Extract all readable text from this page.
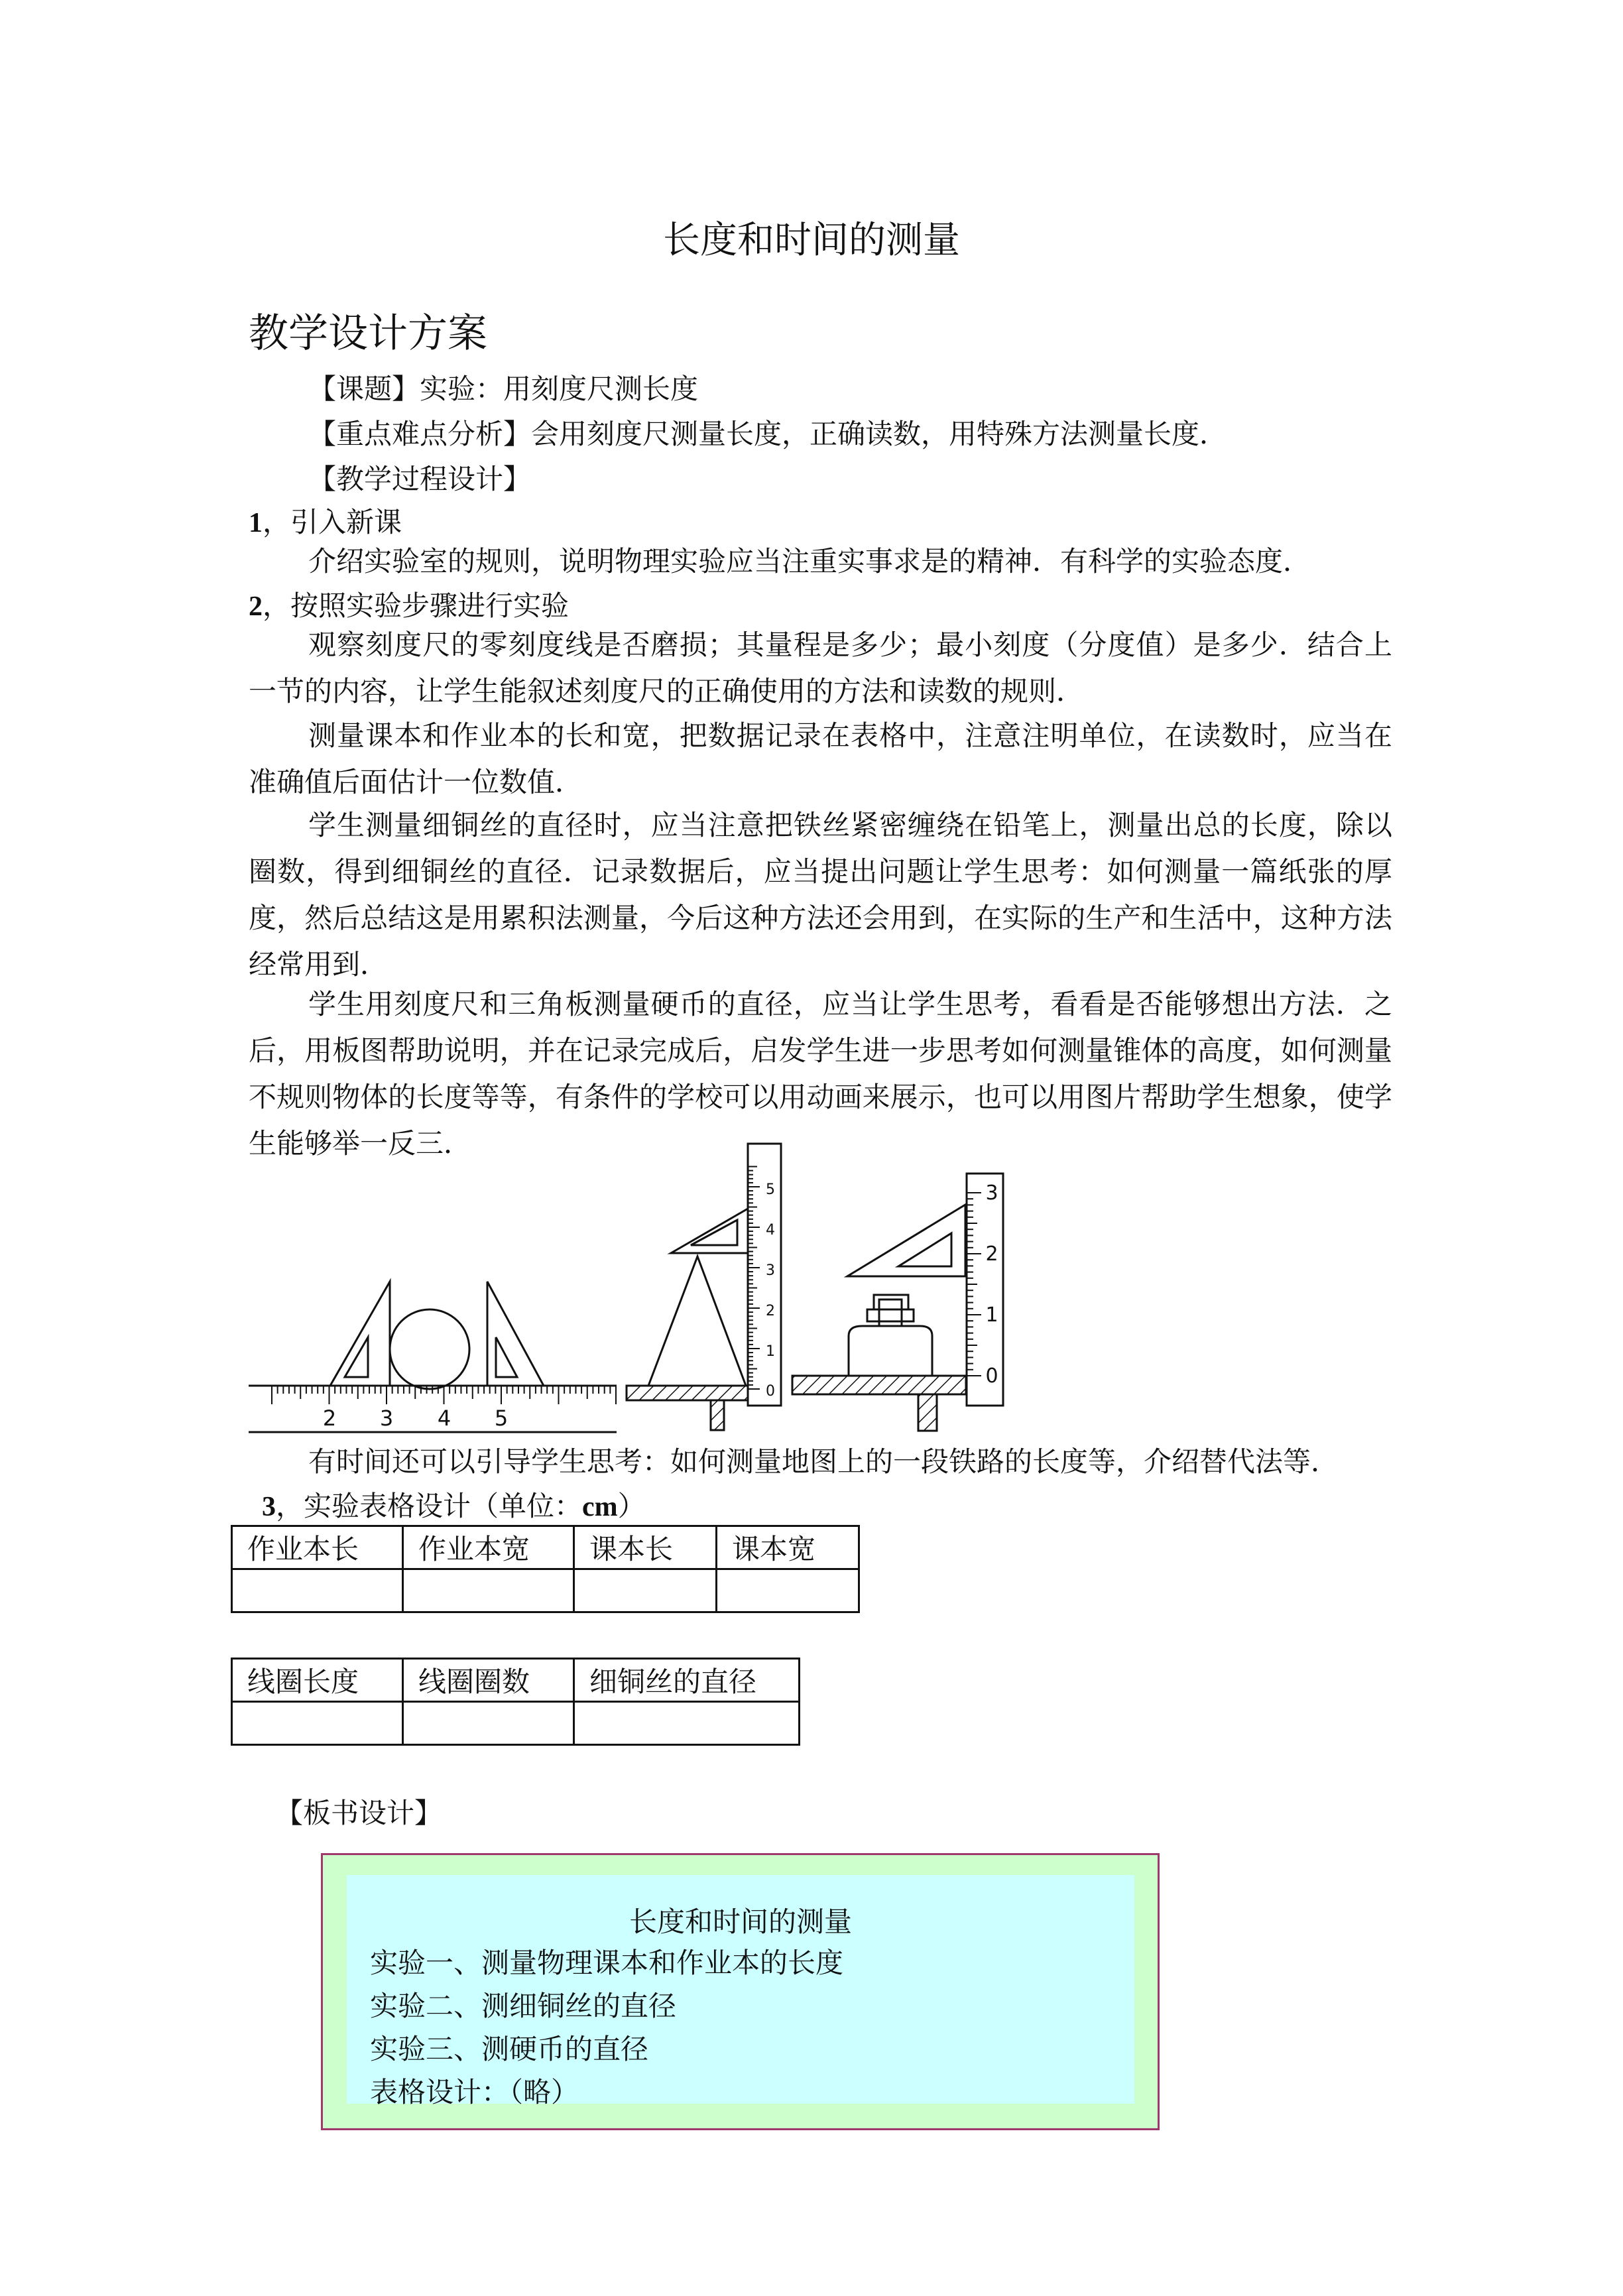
长度和时间的测量
教学设计方案
【课题】实验：用刻度尺测长度
【重点难点分析】会用刻度尺测量长度，正确读数，用特殊方法测量长度．
【教学过程设计】
1，引入新课

介绍实验室的规则，说明物理实验应当注重实事求是的精神．有科学的实验态度．

2，按照实验步骤进行实验

观察刻度尺的零刻度线是否磨损；其量程是多少；最小刻度（分度值）是多少．结合上一节的内容，让学生能叙述刻度尺的正确使用的方法和读数的规则．

测量课本和作业本的长和宽，把数据记录在表格中，注意注明单位，在读数时，应当在准确值后面估计一位数值．

学生测量细铜丝的直径时，应当注意把铁丝紧密缠绕在铅笔上，测量出总的长度，除以圈数，得到细铜丝的直径．记录数据后，应当提出问题让学生思考：如何测量一篇纸张的厚度，然后总结这是用累积法测量，今后这种方法还会用到，在实际的生产和生活中，这种方法经常用到．

学生用刻度尺和三角板测量硬币的直径，应当让学生思考，看看是否能够想出方法．之后，用板图帮助说明，并在记录完成后，启发学生进一步思考如何测量锥体的高度，如何测量不规则物体的长度等等，有条件的学校可以用动画来展示，也可以用图片帮助学生想象，使学生能够举一反三．

2 3 4 5
0
1
2
3
4
5
0
1
2
3

有时间还可以引导学生思考：如何测量地图上的一段铁路的长度等，介绍替代法等．

3，实验表格设计（单位：cm）
作业本长	作业本宽	课本长	课本宽

线圈长度	线圈圈数	细铜丝的直径

【板书设计】
长度和时间的测量
实验一、测量物理课本和作业本的长度
实验二、测细铜丝的直径
实验三、测硬币的直径
表格设计：（略）
